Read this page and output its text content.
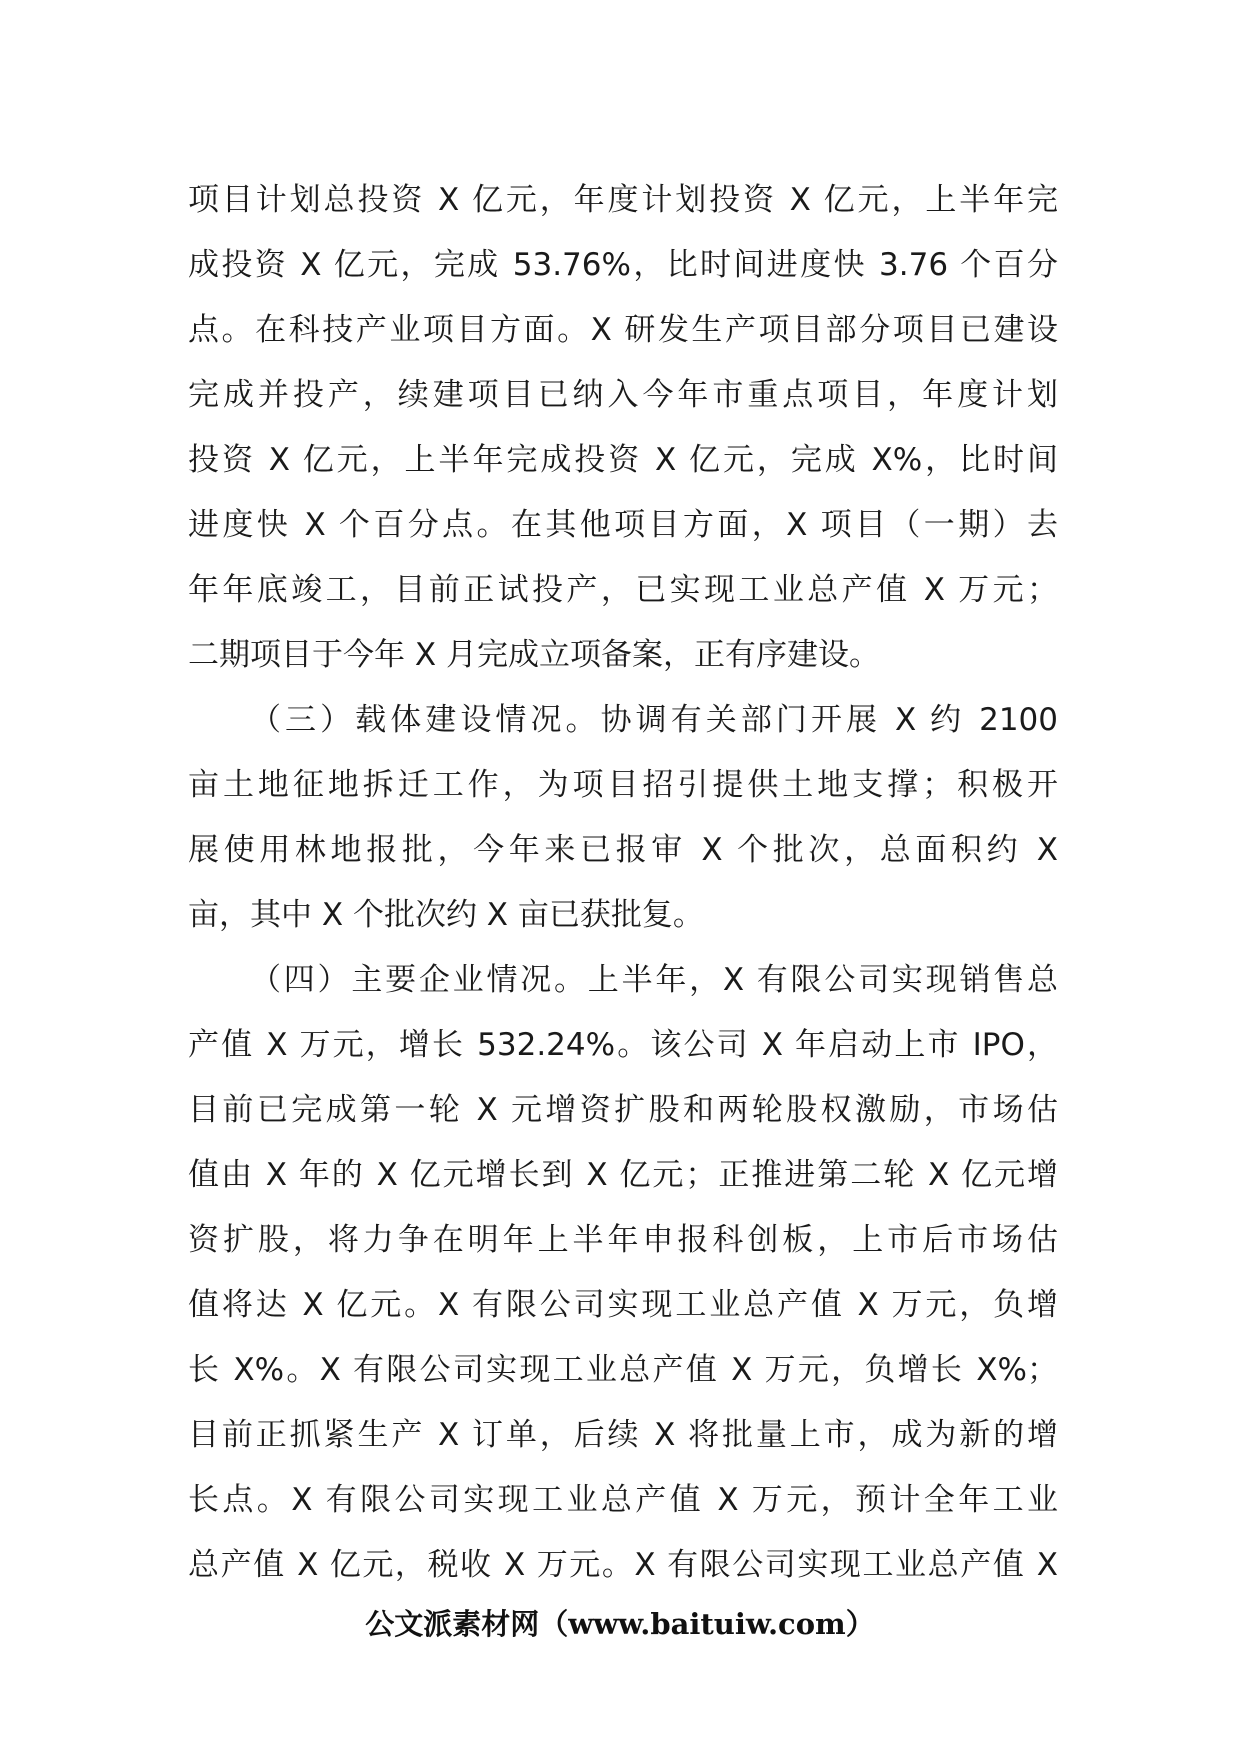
项目计划总投资 X 亿元，年度计划投资 X 亿元，上半年完
成投资 X 亿元，完成 53.76%，比时间进度快 3.76 个百分
点。在科技产业项目方面。X 研发生产项目部分项目已建设
完成并投产，续建项目已纳入今年市重点项目，年度计划
投资 X 亿元，上半年完成投资 X 亿元，完成 X%，比时间
进度快 X 个百分点。在其他项目方面，X 项目（一期）去
年年底竣工，目前正试投产，已实现工业总产值 X 万元；
二期项目于今年 X 月完成立项备案，正有序建设。
（三）载体建设情况。协调有关部门开展 X 约 2100
亩土地征地拆迁工作，为项目招引提供土地支撑；积极开
展使用林地报批，今年来已报审 X 个批次，总面积约 X
亩，其中 X 个批次约 X 亩已获批复。
（四）主要企业情况。上半年，X 有限公司实现销售总
产值 X 万元，增长 532.24%。该公司 X 年启动上市 IPO，
目前已完成第一轮 X 元增资扩股和两轮股权激励，市场估
值由 X 年的 X 亿元增长到 X 亿元；正推进第二轮 X 亿元增
资扩股，将力争在明年上半年申报科创板，上市后市场估
值将达 X 亿元。X 有限公司实现工业总产值 X 万元，负增
长 X%。X 有限公司实现工业总产值 X 万元，负增长 X%；
目前正抓紧生产 X 订单，后续 X 将批量上市，成为新的增
长点。X 有限公司实现工业总产值 X 万元，预计全年工业
总产值 X 亿元，税收 X 万元。X 有限公司实现工业总产值 X
公文派素材网（www.baituiw.com）
